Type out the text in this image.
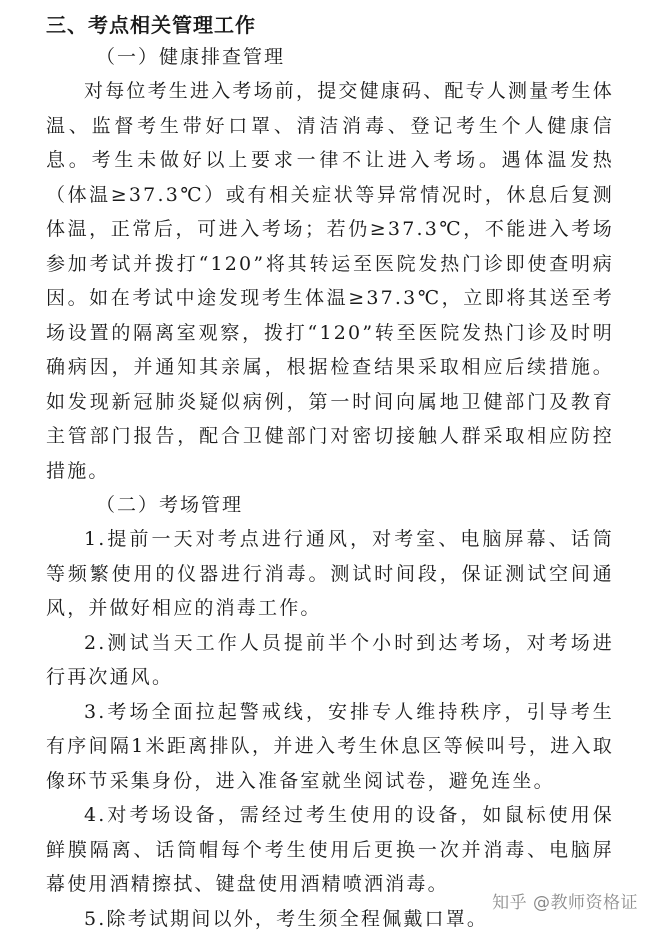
三、考点相关管理工作
（一）健康排查管理

对每位考生进入考场前，提交健康码、配专人测量考生体温、监督考生带好口罩、清洁消毒、登记考生个人健康信息。考生未做好以上要求一律不让进入考场。遇体温发热（体温≥37.3℃）或有相关症状等异常情况时，休息后复测体温，正常后，可进入考场；若仍≥37.3℃，不能进入考场参加考试并拨打“120”将其转运至医院发热门诊即使查明病因。如在考试中途发现考生体温≥37.3℃，立即将其送至考场设置的隔离室观察，拨打“120”转至医院发热门诊及时明确病因，并通知其亲属，根据检查结果采取相应后续措施。如发现新冠肺炎疑似病例，第一时间向属地卫健部门及教育主管部门报告，配合卫健部门对密切接触人群采取相应防控措施。

（二）考场管理

1.提前一天对考点进行通风，对考室、电脑屏幕、话筒等频繁使用的仪器进行消毒。测试时间段，保证测试空间通风，并做好相应的消毒工作。

2.测试当天工作人员提前半个小时到达考场，对考场进行再次通风。

3.考场全面拉起警戒线，安排专人维持秩序，引导考生有序间隔1米距离排队，并进入考生休息区等候叫号，进入取像环节采集身份，进入准备室就坐阅试卷，避免连坐。

4.对考场设备，需经过考生使用的设备，如鼠标使用保鲜膜隔离、话筒帽每个考生使用后更换一次并消毒、电脑屏幕使用酒精擦拭、键盘使用酒精喷洒消毒。

5.除考试期间以外，考生须全程佩戴口罩。

知乎 @教师资格证
